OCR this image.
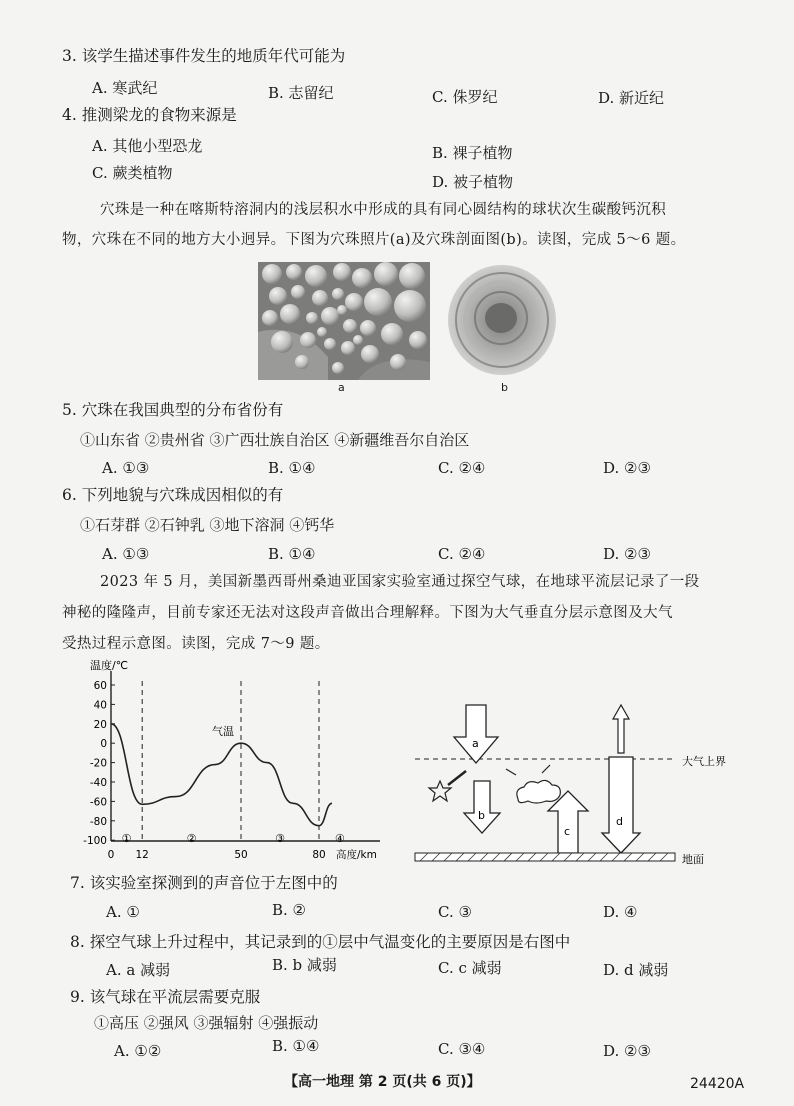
3. 该学生描述事件发生的地质年代可能为
A. 寒武纪	B. 志留纪	C. 侏罗纪	D. 新近纪
4. 推测梁龙的食物来源是
A. 其他小型恐龙	B. 裸子植物
C. 蕨类植物	D. 被子植物
穴珠是一种在喀斯特溶洞内的浅层积水中形成的具有同心圆结构的球状次生碳酸钙沉积
物，穴珠在不同的地方大小迥异。下图为穴珠照片(a)及穴珠剖面图(b)。读图，完成 5～6 题。
a	b
5. 穴珠在我国典型的分布省份有
①山东省 ②贵州省 ③广西壮族自治区 ④新疆维吾尔自治区
A. ①③	B. ①④	C. ②④	D. ②③
6. 下列地貌与穴珠成因相似的有
①石芽群 ②石钟乳 ③地下溶洞 ④钙华
A. ①③	B. ①④	C. ②④	D. ②③
2023 年 5 月，美国新墨西哥州桑迪亚国家实验室通过探空气球，在地球平流层记录了一段
神秘的隆隆声，目前专家还无法对这段声音做出合理解释。下图为大气垂直分层示意图及大气
受热过程示意图。读图，完成 7～9 题。
温度/℃
60
40
20
0
-20
-40
-60
-80
-100
0 12	50	80
①	②	③	④
气温
高度/km
大气上界
a
b
c
d
地面
7. 该实验室探测到的声音位于左图中的
A. ①	B. ②	C. ③	D. ④
8. 探空气球上升过程中，其记录到的①层中气温变化的主要原因是右图中
A. a 减弱	B. b 减弱	C. c 减弱	D. d 减弱
9. 该气球在平流层需要克服
①高压 ②强风 ③强辐射 ④强振动
A. ①②	B. ①④	C. ③④	D. ②③
【高一地理 第 2 页(共 6 页)】	24420A
